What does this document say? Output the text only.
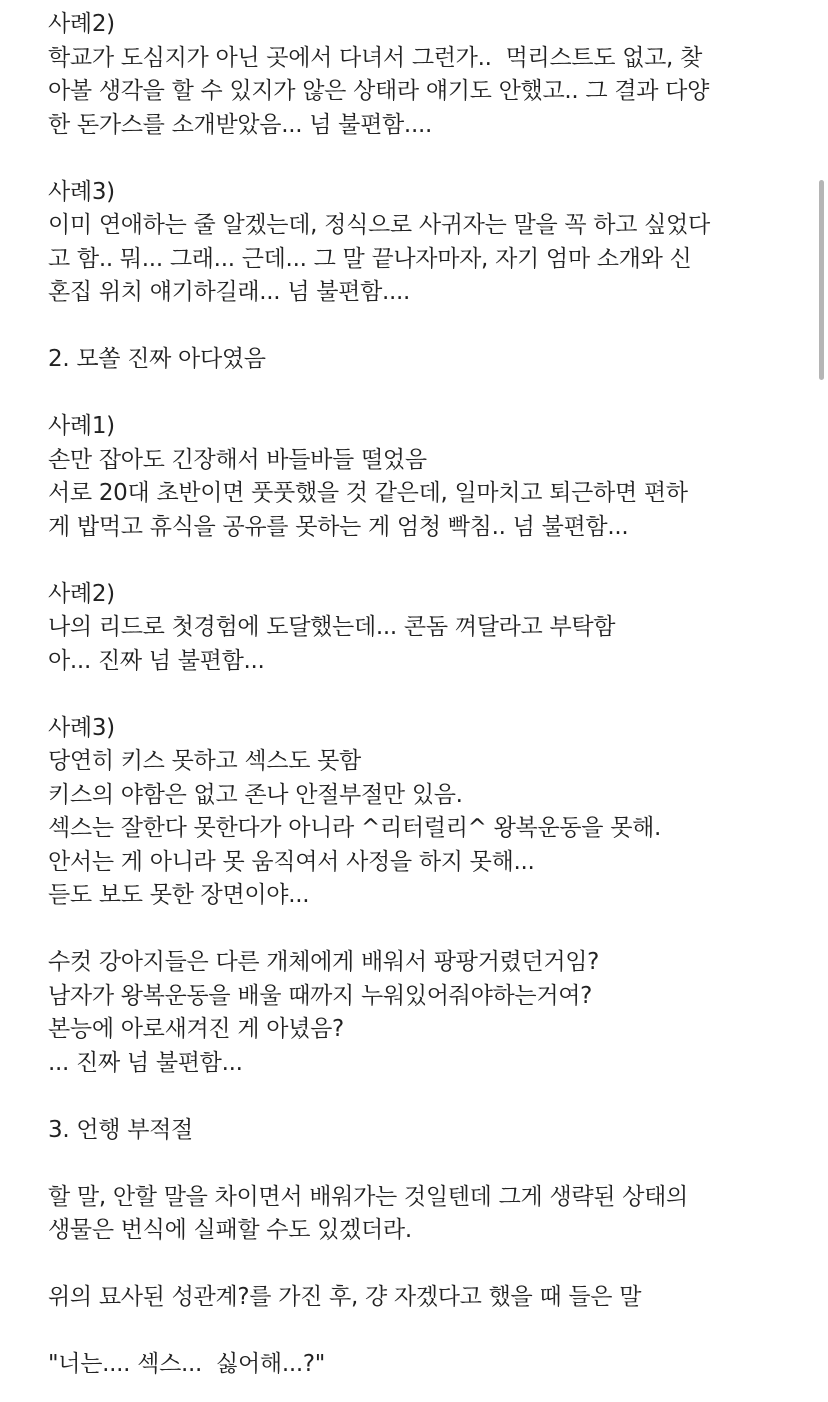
사례2)
학교가 도심지가 아닌 곳에서 다녀서 그런가..  먹리스트도 없고, 찾
아볼 생각을 할 수 있지가 않은 상태라 얘기도 안했고.. 그 결과 다양
한 돈가스를 소개받았음... 넘 불편함....
사례3)
이미 연애하는 줄 알겠는데, 정식으로 사귀자는 말을 꼭 하고 싶었다
고 함.. 뭐... 그래... 근데... 그 말 끝나자마자, 자기 엄마 소개와 신
혼집 위치 얘기하길래... 넘 불편함....
2. 모쏠 진짜 아다였음
사례1)
손만 잡아도 긴장해서 바들바들 떨었음
서로 20대 초반이면 풋풋했을 것 같은데, 일마치고 퇴근하면 편하
게 밥먹고 휴식을 공유를 못하는 게 엄청 빡침.. 넘 불편함...
사례2)
나의 리드로 첫경험에 도달했는데... 콘돔 껴달라고 부탁함
아... 진짜 넘 불편함...
사례3)
당연히 키스 못하고 섹스도 못함
키스의 야함은 없고 존나 안절부절만 있음.
섹스는 잘한다 못한다가 아니라 ^리터럴리^ 왕복운동을 못해.
안서는 게 아니라 못 움직여서 사정을 하지 못해...
듣도 보도 못한 장면이야...
수컷 강아지들은 다른 개체에게 배워서 팡팡거렸던거임?
남자가 왕복운동을 배울 때까지 누워있어줘야하는거여?
본능에 아로새겨진 게 아녔음?
... 진짜 넘 불편함...
3. 언행 부적절
할 말, 안할 말을 차이면서 배워가는 것일텐데 그게 생략된 상태의
생물은 번식에 실패할 수도 있겠더라.
위의 묘사된 성관계?를 가진 후, 걍 자겠다고 했을 때 들은 말
"너는.... 섹스...  싫어해...?"
